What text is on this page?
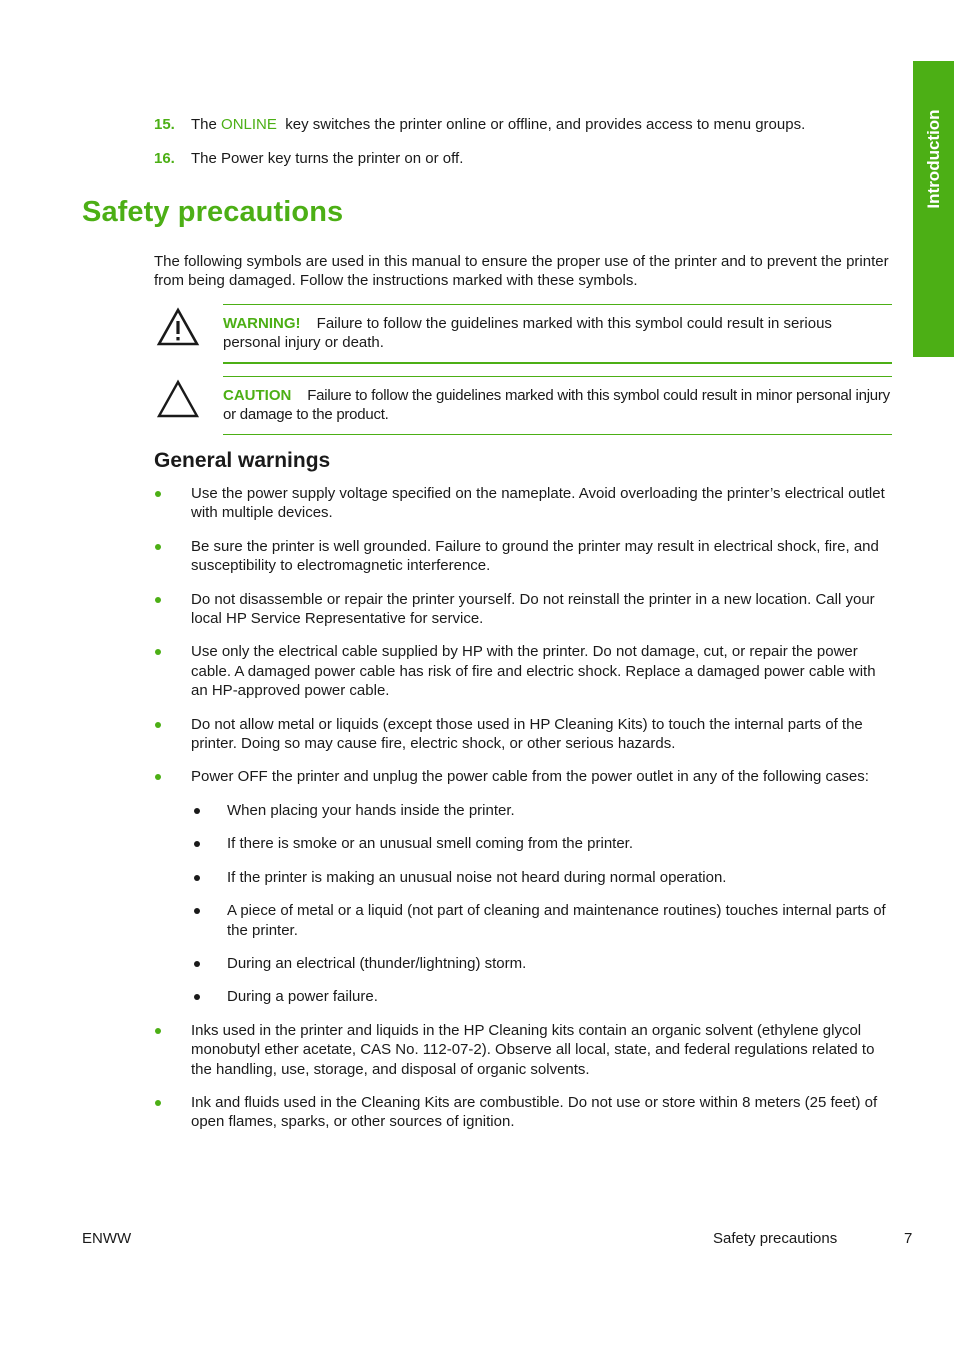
Introduction
15. The ONLINE key switches the printer online or offline, and provides access to menu groups.
16. The Power key turns the printer on or off.
Safety precautions

The following symbols are used in this manual to ensure the proper use of the printer and to prevent the printer from being damaged. Follow the instructions marked with these symbols.

WARNING! Failure to follow the guidelines marked with this symbol could result in serious personal injury or death.

CAUTION Failure to follow the guidelines marked with this symbol could result in minor personal injury or damage to the product.

General warnings
Use the power supply voltage specified on the nameplate. Avoid overloading the printer’s electrical outlet with multiple devices.
Be sure the printer is well grounded. Failure to ground the printer may result in electrical shock, fire, and susceptibility to electromagnetic interference.
Do not disassemble or repair the printer yourself. Do not reinstall the printer in a new location. Call your local HP Service Representative for service.
Use only the electrical cable supplied by HP with the printer. Do not damage, cut, or repair the power cable. A damaged power cable has risk of fire and electric shock. Replace a damaged power cable with an HP-approved power cable.
Do not allow metal or liquids (except those used in HP Cleaning Kits) to touch the internal parts of the printer. Doing so may cause fire, electric shock, or other serious hazards.
Power OFF the printer and unplug the power cable from the power outlet in any of the following cases:
When placing your hands inside the printer.
If there is smoke or an unusual smell coming from the printer.
If the printer is making an unusual noise not heard during normal operation.
A piece of metal or a liquid (not part of cleaning and maintenance routines) touches internal parts of the printer.
During an electrical (thunder/lightning) storm.
During a power failure.
Inks used in the printer and liquids in the HP Cleaning kits contain an organic solvent (ethylene glycol monobutyl ether acetate, CAS No. 112-07-2). Observe all local, state, and federal regulations related to the handling, use, storage, and disposal of organic solvents.
Ink and fluids used in the Cleaning Kits are combustible. Do not use or store within 8 meters (25 feet) of open flames, sparks, or other sources of ignition.
ENWW	Safety precautions	7
